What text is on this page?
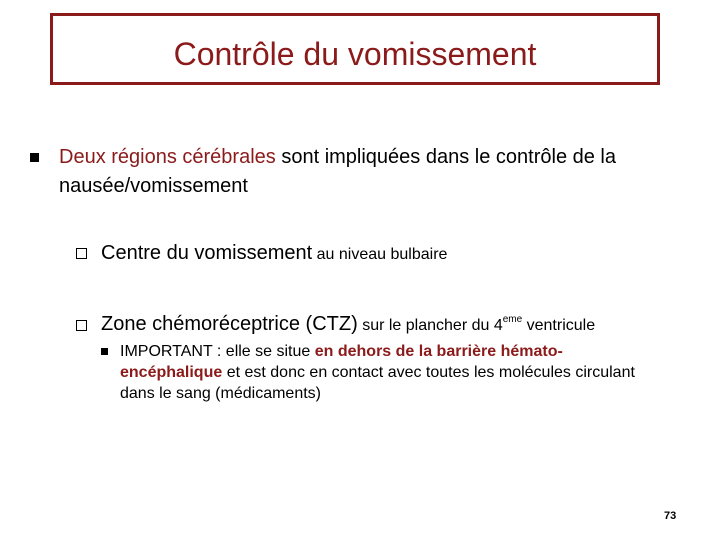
Contrôle du vomissement
Deux régions cérébrales sont impliquées dans le contrôle de la nausée/vomissement
Centre du vomissement au niveau bulbaire
Zone chémoréceptrice (CTZ) sur le plancher du 4eme ventricule
IMPORTANT : elle se situe en dehors de la barrière hémato-encéphalique et est donc en contact avec toutes les molécules circulant dans le sang (médicaments)
73
